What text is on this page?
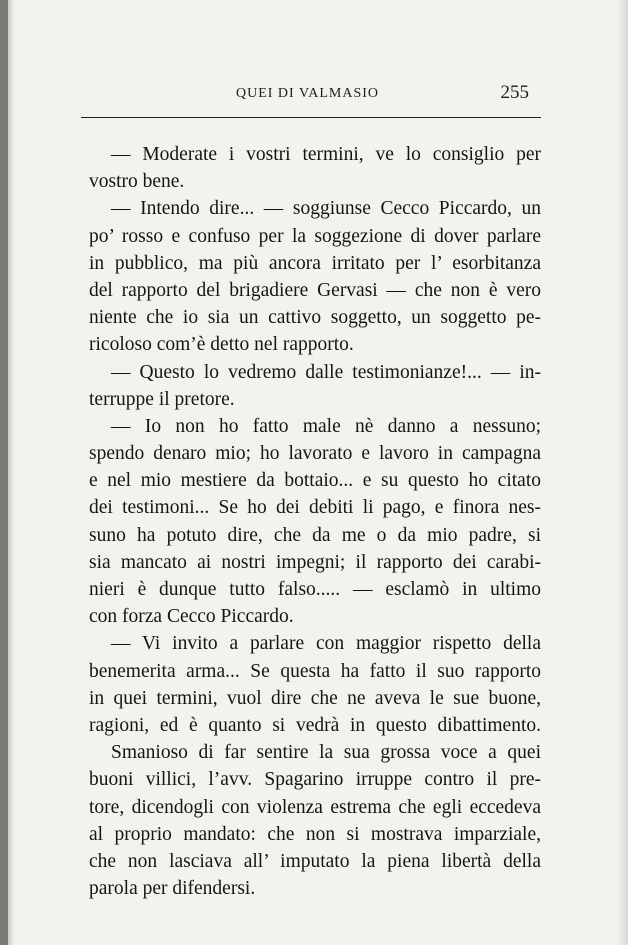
QUEI DI VALMASIO	255
— Moderate i vostri termini, ve lo consiglio per
vostro bene.
— Intendo dire... — soggiunse Cecco Piccardo, un
po’ rosso e confuso per la soggezione di dover parlare
in pubblico, ma più ancora irritato per l’ esorbitanza
del rapporto del brigadiere Gervasi — che non è vero
niente che io sia un cattivo soggetto, un soggetto pe-
ricoloso com’è detto nel rapporto.
— Questo lo vedremo dalle testimonianze!... — in-
terruppe il pretore.
— Io non ho fatto male nè danno a nessuno;
spendo denaro mio; ho lavorato e lavoro in campagna
e nel mio mestiere da bottaio... e su questo ho citato
dei testimoni... Se ho dei debiti li pago, e finora nes-
suno ha potuto dire, che da me o da mio padre, si
sia mancato ai nostri impegni; il rapporto dei carabi-
nieri è dunque tutto falso..... — esclamò in ultimo
con forza Cecco Piccardo.
— Vi invito a parlare con maggior rispetto della
benemerita arma... Se questa ha fatto il suo rapporto
in quei termini, vuol dire che ne aveva le sue buone,
ragioni, ed è quanto si vedrà in questo dibattimento.
Smanioso di far sentire la sua grossa voce a quei
buoni villici, l’avv. Spagarino irruppe contro il pre-
tore, dicendogli con violenza estrema che egli eccedeva
al proprio mandato: che non si mostrava imparziale,
che non lasciava all’ imputato la piena libertà della
parola per difendersi.
